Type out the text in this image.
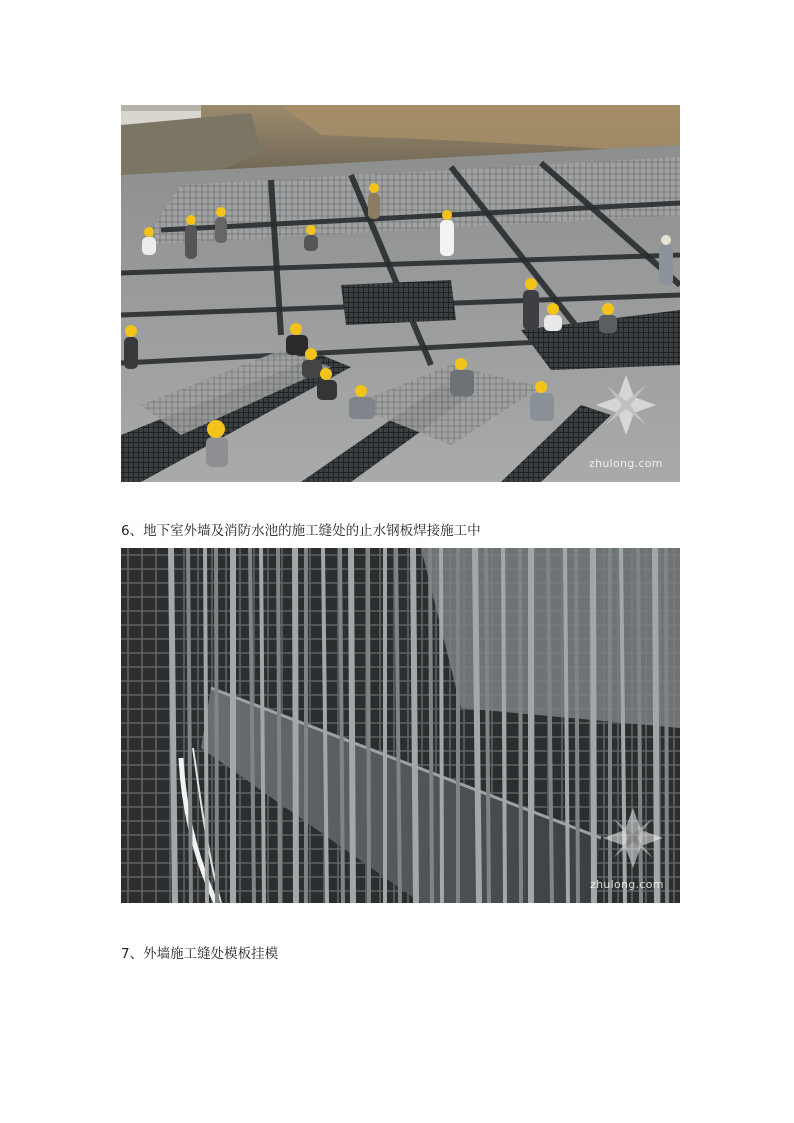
zhulong.com
6、地下室外墙及消防水池的施工缝处的止水钢板焊接施工中
zhulong.com
7、外墙施工缝处模板挂模
